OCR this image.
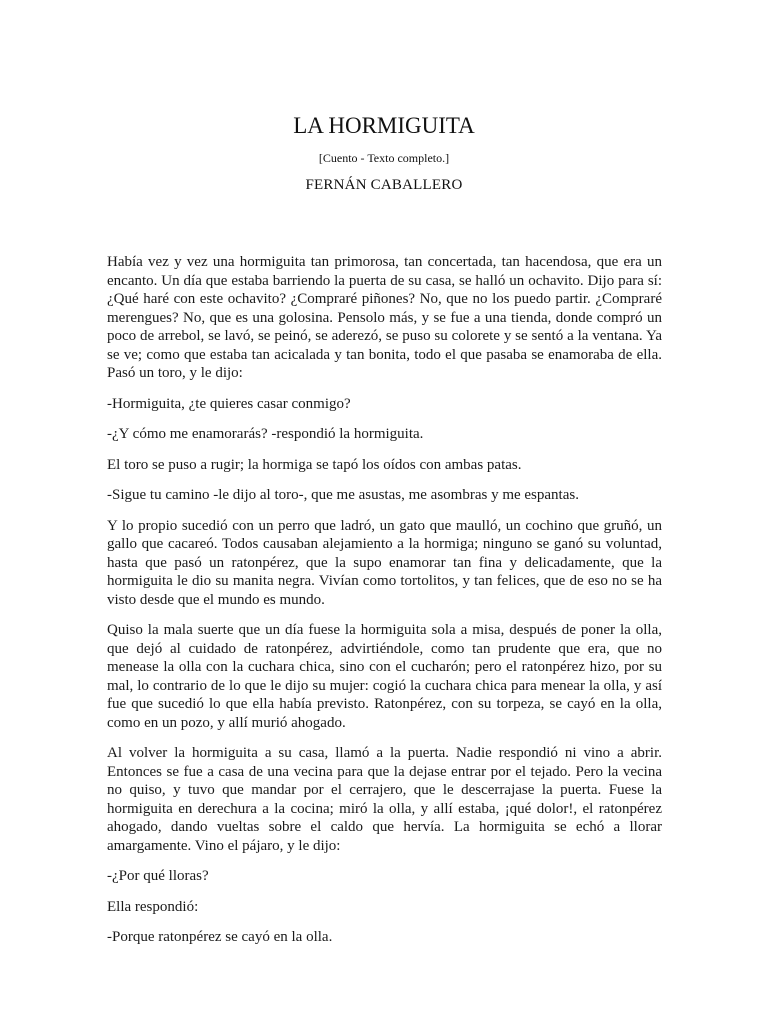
LA HORMIGUITA
[Cuento - Texto completo.]
FERNÁN CABALLERO

Había vez y vez una hormiguita tan primorosa, tan concertada, tan hacendosa, que era un encanto. Un día que estaba barriendo la puerta de su casa, se halló un ochavito. Dijo para sí: ¿Qué haré con este ochavito? ¿Compraré piñones? No, que no los puedo partir. ¿Compraré merengues? No, que es una golosina. Pensolo más, y se fue a una tienda, donde compró un poco de arrebol, se lavó, se peinó, se aderezó, se puso su colorete y se sentó a la ventana. Ya se ve; como que estaba tan acicalada y tan bonita, todo el que pasaba se enamoraba de ella. Pasó un toro, y le dijo:

-Hormiguita, ¿te quieres casar conmigo?

-¿Y cómo me enamorarás? -respondió la hormiguita.

El toro se puso a rugir; la hormiga se tapó los oídos con ambas patas.

-Sigue tu camino -le dijo al toro-, que me asustas, me asombras y me espantas.

Y lo propio sucedió con un perro que ladró, un gato que maulló, un cochino que gruñó, un gallo que cacareó. Todos causaban alejamiento a la hormiga; ninguno se ganó su voluntad, hasta que pasó un ratonpérez, que la supo enamorar tan fina y delicadamente, que la hormiguita le dio su manita negra. Vivían como tortolitos, y tan felices, que de eso no se ha visto desde que el mundo es mundo.

Quiso la mala suerte que un día fuese la hormiguita sola a misa, después de poner la olla, que dejó al cuidado de ratonpérez, advirtiéndole, como tan prudente que era, que no menease la olla con la cuchara chica, sino con el cucharón; pero el ratonpérez hizo, por su mal, lo contrario de lo que le dijo su mujer: cogió la cuchara chica para menear la olla, y así fue que sucedió lo que ella había previsto. Ratonpérez, con su torpeza, se cayó en la olla, como en un pozo, y allí murió ahogado.

Al volver la hormiguita a su casa, llamó a la puerta. Nadie respondió ni vino a abrir. Entonces se fue a casa de una vecina para que la dejase entrar por el tejado. Pero la vecina no quiso, y tuvo que mandar por el cerrajero, que le descerrajase la puerta. Fuese la hormiguita en derechura a la cocina; miró la olla, y allí estaba, ¡qué dolor!, el ratonpérez ahogado, dando vueltas sobre el caldo que hervía. La hormiguita se echó a llorar amargamente. Vino el pájaro, y le dijo:

-¿Por qué lloras?

Ella respondió:

-Porque ratonpérez se cayó en la olla.
